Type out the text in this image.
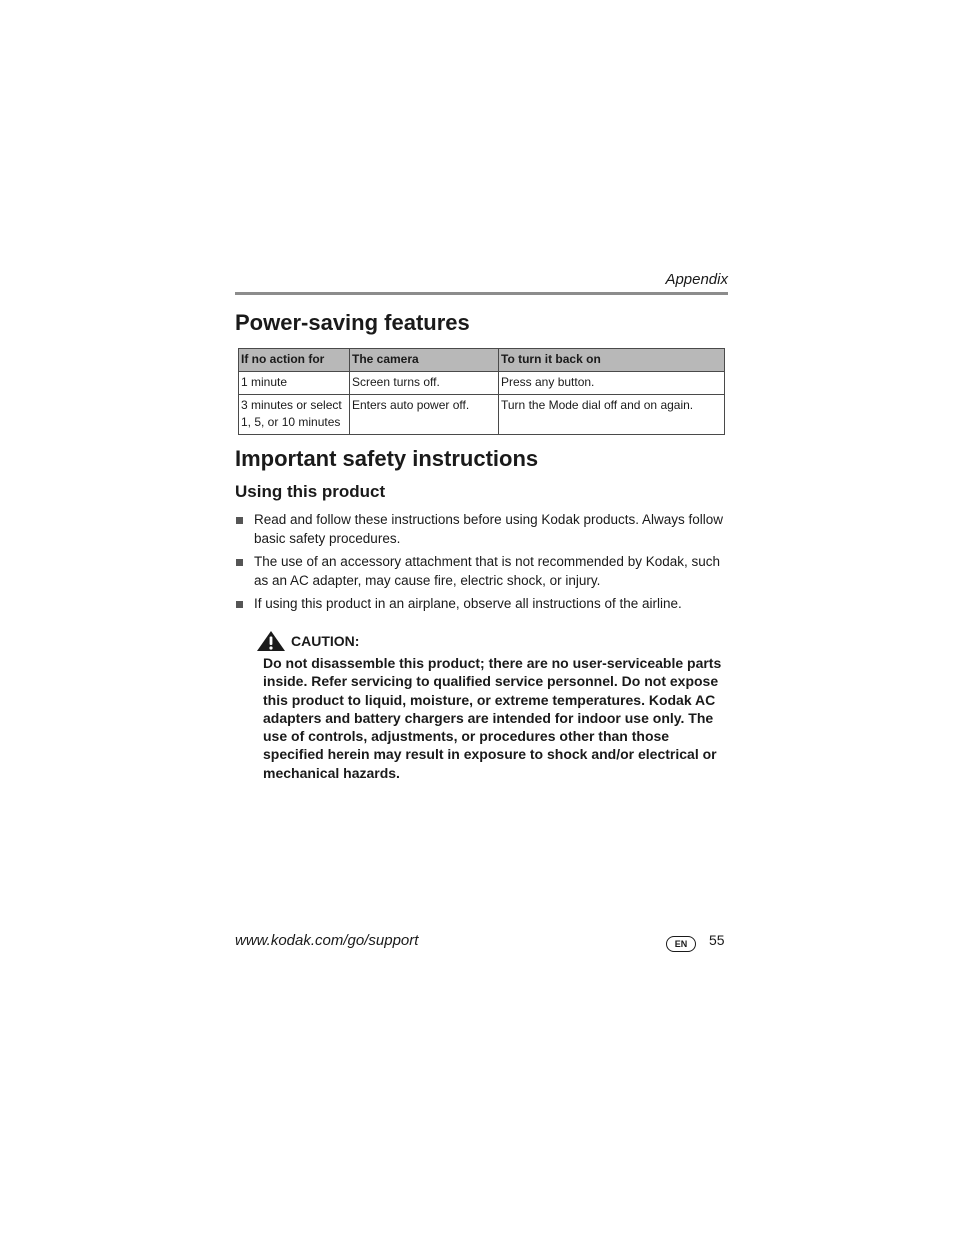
Appendix
Power-saving features
If no action for	The camera	To turn it back on
1 minute	Screen turns off.	Press any button.
3 minutes or select 1, 5, or 10 minutes	Enters auto power off.	Turn the Mode dial off and on again.
Important safety instructions
Using this product
Read and follow these instructions before using Kodak products. Always follow basic safety procedures.
The use of an accessory attachment that is not recommended by Kodak, such as an AC adapter, may cause fire, electric shock, or injury.
If using this product in an airplane, observe all instructions of the airline.
CAUTION:
Do not disassemble this product; there are no user-serviceable parts inside. Refer servicing to qualified service personnel. Do not expose this product to liquid, moisture, or extreme temperatures. Kodak AC adapters and battery chargers are intended for indoor use only. The use of controls, adjustments, or procedures other than those specified herein may result in exposure to shock and/or electrical or mechanical hazards.
www.kodak.com/go/support	EN	55
